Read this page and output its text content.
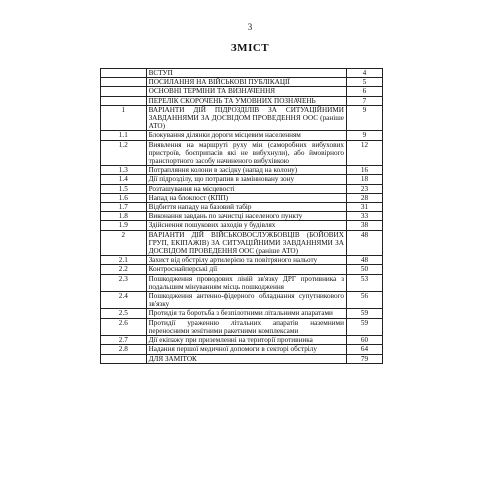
3
ЗМІСТ
	ВСТУП	4
	ПОСИЛАННЯ НА ВІЙСЬКОВІ ПУБЛІКАЦІЇ	5
	ОСНОВНІ ТЕРМІНИ ТА ВИЗНАЧЕННЯ	6
	ПЕРЕЛІК СКОРОЧЕНЬ ТА УМОВНИХ ПОЗНАЧЕНЬ	7
1	ВАРІАНТИ ДІЙ ПІДРОЗДІЛІВ ЗА СИТУАЦІЙНИМИ ЗАВДАННЯМИ ЗА ДОСВІДОМ ПРОВЕДЕННЯ ООС (раніше АТО)	9
1.1	Блокування ділянки дороги місцевим населенням	9
1.2	Виявлення на маршруті руху мін (саморобних вибухових пристроїв, боєприпасів які не вибухнули), або ймовірного транспортного засобу начиненого вибухівкою	12
1.3	Потрапляння колони в засідку (напад на колону)	16
1.4	Дії підрозділу, що потрапив в замінновану зону	18
1.5	Розташування на місцевості	23
1.6	Напад на блокпост (КПП)	28
1.7	Відбиття нападу на базовий табір	31
1.8	Виконання завдань по зачистці населеного пункту	33
1.9	Здійснення пошукових заходів у будівлях	38
2	ВАРІАНТИ ДІЙ ВІЙСЬКОВОСЛУЖБОВЦІВ (БОЙОВИХ ГРУП, ЕКІПАЖІВ) ЗА СИТУАЦІЙНИМИ ЗАВДАННЯМИ ЗА ДОСВІДОМ ПРОВЕДЕННЯ ООС (раніше АТО)	48
2.1	Захист від обстрілу артилерією та повітряного нальоту	48
2.2	Контроснайперські дії	50
2.3	Пошкодження проводових ліній зв'язку ДРГ противника з подальшим мінуванням місць пошкодження	53
2.4	Пошкодження антенно-фідерного обладнання супутникового зв'язку	56
2.5	Протидія та боротьба з безпілотними літальними апаратами	59
2.6	Протидії ураженню літальних апаратів наземними переносними зенітними ракетними комплексами	59
2.7	Дії екіпажу при приземленні на території противника	60
2.8	Надання першої медичної допомоги в секторі обстрілу	64
	ДЛЯ ЗАМІТОК	79
